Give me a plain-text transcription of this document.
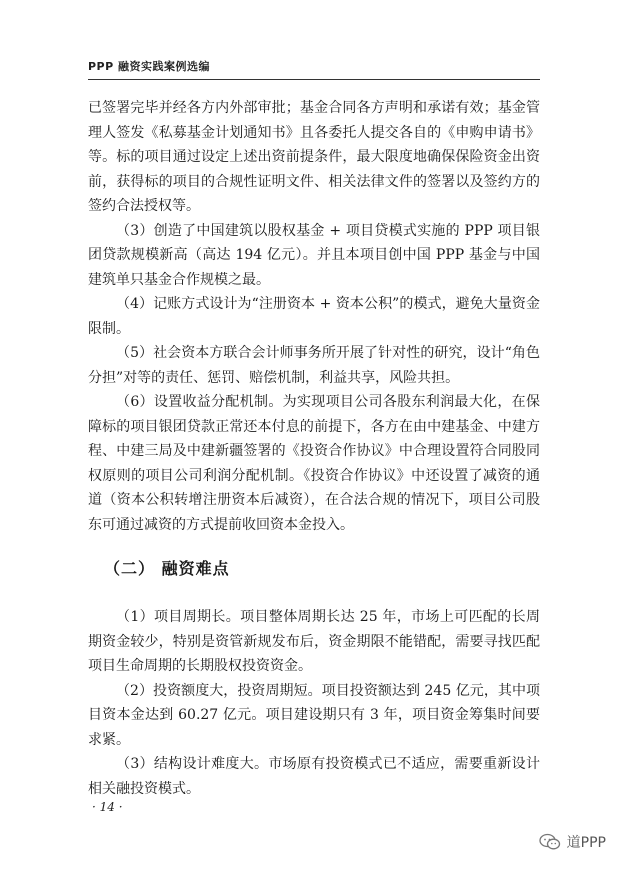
PPP 融资实践案例选编

已签署完毕并经各方内外部审批；基金合同各方声明和承诺有效；基金管理人签发《私募基金计划通知书》且各委托人提交各自的《申购申请书》等。标的项目通过设定上述出资前提条件，最大限度地确保保险资金出资前，获得标的项目的合规性证明文件、相关法律文件的签署以及签约方的签约合法授权等。

（3）创造了中国建筑以股权基金 + 项目贷模式实施的 PPP 项目银团贷款规模新高（高达 194 亿元）。并且本项目创中国 PPP 基金与中国建筑单只基金合作规模之最。

（4）记账方式设计为“注册资本 + 资本公积”的模式，避免大量资金限制。

（5）社会资本方联合会计师事务所开展了针对性的研究，设计“角色分担”对等的责任、惩罚、赔偿机制，利益共享，风险共担。

（6）设置收益分配机制。为实现项目公司各股东利润最大化，在保障标的项目银团贷款正常还本付息的前提下，各方在由中建基金、中建方程、中建三局及中建新疆签署的《投资合作协议》中合理设置符合同股同权原则的项目公司利润分配机制。《投资合作协议》中还设置了减资的通道（资本公积转增注册资本后减资），在合法合规的情况下，项目公司股东可通过减资的方式提前收回资本金投入。

（二） 融资难点

（1）项目周期长。项目整体周期长达 25 年，市场上可匹配的长周期资金较少，特别是资管新规发布后，资金期限不能错配，需要寻找匹配项目生命周期的长期股权投资资金。

（2）投资额度大，投资周期短。项目投资额达到 245 亿元，其中项目资本金达到 60.27 亿元。项目建设期只有 3 年，项目资金筹集时间要求紧。

（3）结构设计难度大。市场原有投资模式已不适应，需要重新设计相关融投资模式。

· 14 ·
道PPP
